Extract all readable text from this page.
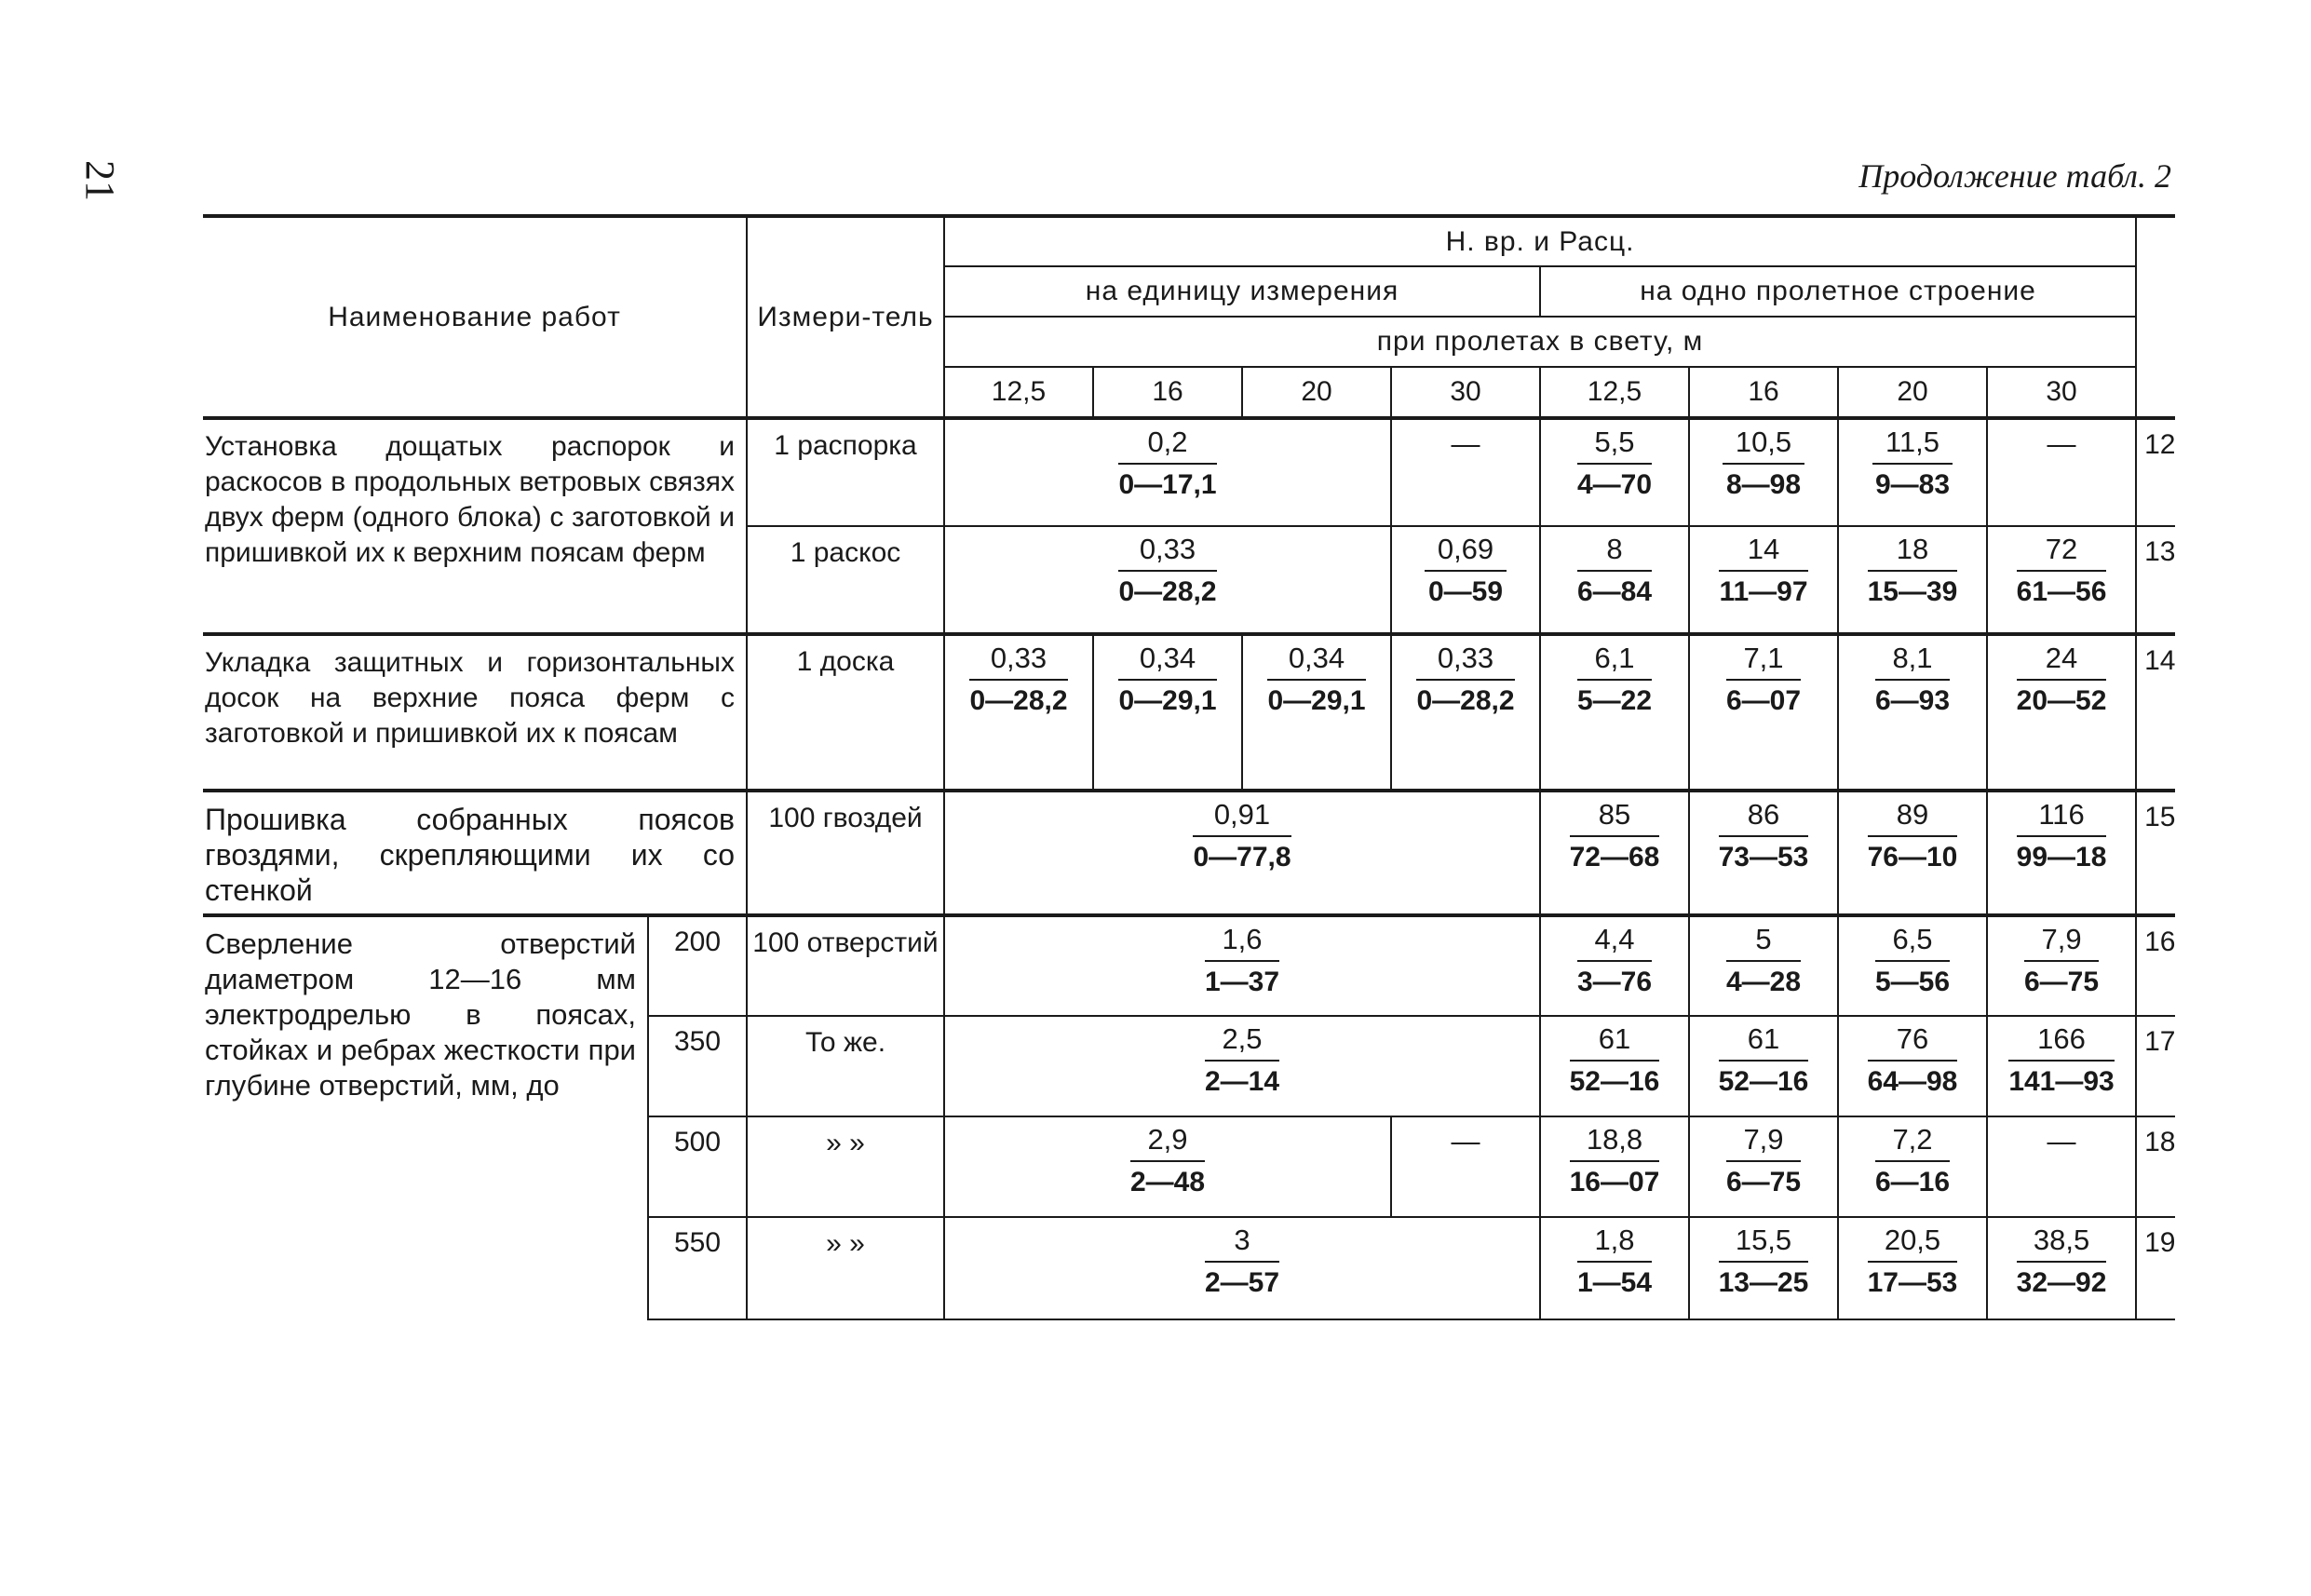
21	Продолжение табл. 2
Наименование работ		Измери-тель	Н. вр. и Расц.								
			на единицу измерения				на одно пролетное строение				
			при пролетах в свету, м								
			12,5	16	20	30	12,5	16	20	30	
Установка дощатых распорок и раскосов в продольных ветровых связях двух ферм (одного блока) с заготовкой и пришивкой их к верхним поясам ферм		1 распорка	$\frac{0,2}{0—17,1}$			—	$\frac{5,5}{4—70}$	$\frac{10,5}{8—98}$	$\frac{11,5}{9—83}$	—	12
		1 раскос	$\frac{0,33}{0—28,2}$			$\frac{0,69}{0—59}$	$\frac{8}{6—84}$	$\frac{14}{11—97}$	$\frac{18}{15—39}$	$\frac{72}{61—56}$	13
Укладка защитных и горизонтальных досок на верхние пояса ферм с заготовкой и пришивкой их к поясам		1 доска	$\frac{0,33}{0—28,2}$	$\frac{0,34}{0—29,1}$	$\frac{0,34}{0—29,1}$	$\frac{0,33}{0—28,2}$	$\frac{6,1}{5—22}$	$\frac{7,1}{6—07}$	$\frac{8,1}{6—93}$	$\frac{24}{20—52}$	14
Прошивка собранных поясов гвоздями, скрепляющими их со стенкой		100 гвоздей	$\frac{0,91}{0—77,8}$				$\frac{85}{72—68}$	$\frac{86}{73—53}$	$\frac{89}{76—10}$	$\frac{116}{99—18}$	15
Сверление отверстий диаметром 12—16 мм электродрелью в поясах, стойках и ребрах жесткости при глубине отверстий, мм, до	200	100 отверстий	$\frac{1,6}{1—37}$				$\frac{4,4}{3—76}$	$\frac{5}{4—28}$	$\frac{6,5}{5—56}$	$\frac{7,9}{6—75}$	16
	350	То же.	$\frac{2,5}{2—14}$				$\frac{61}{52—16}$	$\frac{61}{52—16}$	$\frac{76}{64—98}$	$\frac{166}{141—93}$	17
	500	» »	$\frac{2,9}{2—48}$			—	$\frac{18,8}{16—07}$	$\frac{7,9}{6—75}$	$\frac{7,2}{6—16}$	—	18
	550	» »	$\frac{3}{2—57}$				$\frac{1,8}{1—54}$	$\frac{15,5}{13—25}$	$\frac{20,5}{17—53}$	$\frac{38,5}{32—92}$	19
